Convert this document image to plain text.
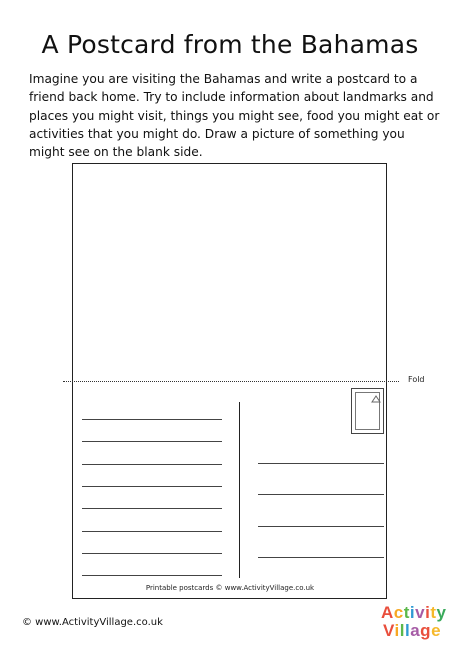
A Postcard from the Bahamas

Imagine you are visiting the Bahamas and write a postcard to a friend back home. Try to include information about landmarks and places you might visit, things you might see, food you might eat or activities that you might do. Draw a picture of something you might see on the blank side.

Fold
Printable postcards © www.ActivityVillage.co.uk
© www.ActivityVillage.co.uk
Activity
Village
